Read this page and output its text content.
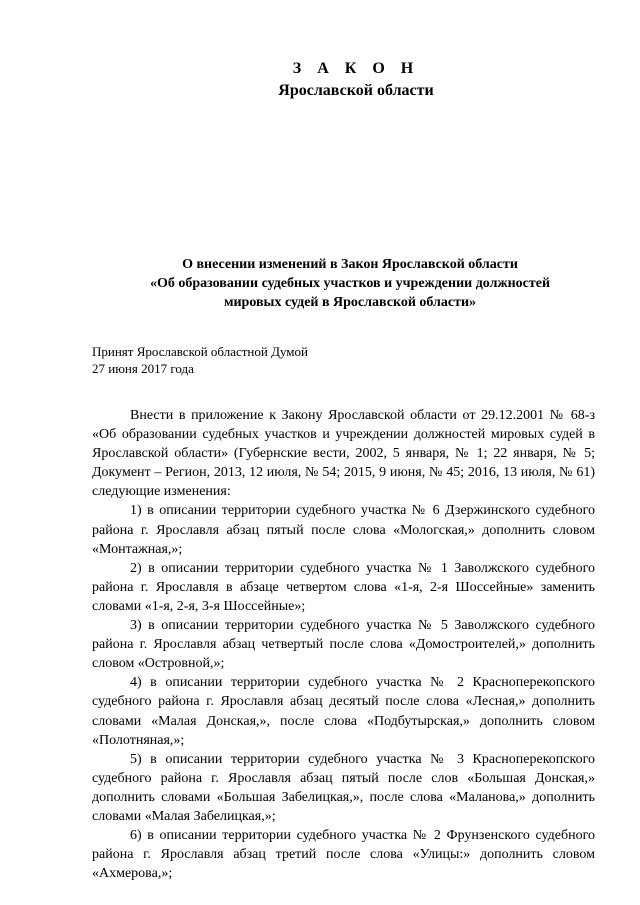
З А К О Н
Ярославской области
О внесении изменений в Закон Ярославской области
«Об образовании судебных участков и учреждении должностей
мировых судей в Ярославской области»
Принят Ярославской областной Думой
27 июня 2017 года

Внести в приложение к Закону Ярославской области от 29.12.2001 № 68-з «Об образовании судебных участков и учреждении должностей мировых судей в Ярославской области» (Губернские вести, 2002, 5 января, № 1; 22 января, № 5; Документ – Регион, 2013, 12 июля, № 54; 2015, 9 июня, № 45; 2016, 13 июля, № 61) следующие изменения:

1) в описании территории судебного участка № 6 Дзержинского судебного района г. Ярославля абзац пятый после слова «Мологская,» дополнить словом «Монтажная,»;

2) в описании территории судебного участка № 1 Заволжского судебного района г. Ярославля в абзаце четвертом слова «1-я, 2-я Шоссейные» заменить словами «1-я, 2-я, 3-я Шоссейные»;

3) в описании территории судебного участка № 5 Заволжского судебного района г. Ярославля абзац четвертый после слова «Домостроителей,» дополнить словом «Островной,»;

4) в описании территории судебного участка № 2 Красноперекопского судебного района г. Ярославля абзац десятый после слова «Лесная,» дополнить словами «Малая Донская,», после слова «Подбутырская,» дополнить словом «Полотняная,»;

5) в описании территории судебного участка № 3 Красноперекопского судебного района г. Ярославля абзац пятый после слов «Большая Донская,» дополнить словами «Большая Забелицкая,», после слова «Маланова,» дополнить словами «Малая Забелицкая,»;

6) в описании территории судебного участка № 2 Фрунзенского судебного района г. Ярославля абзац третий после слова «Улицы:» дополнить словом «Ахмерова,»;
